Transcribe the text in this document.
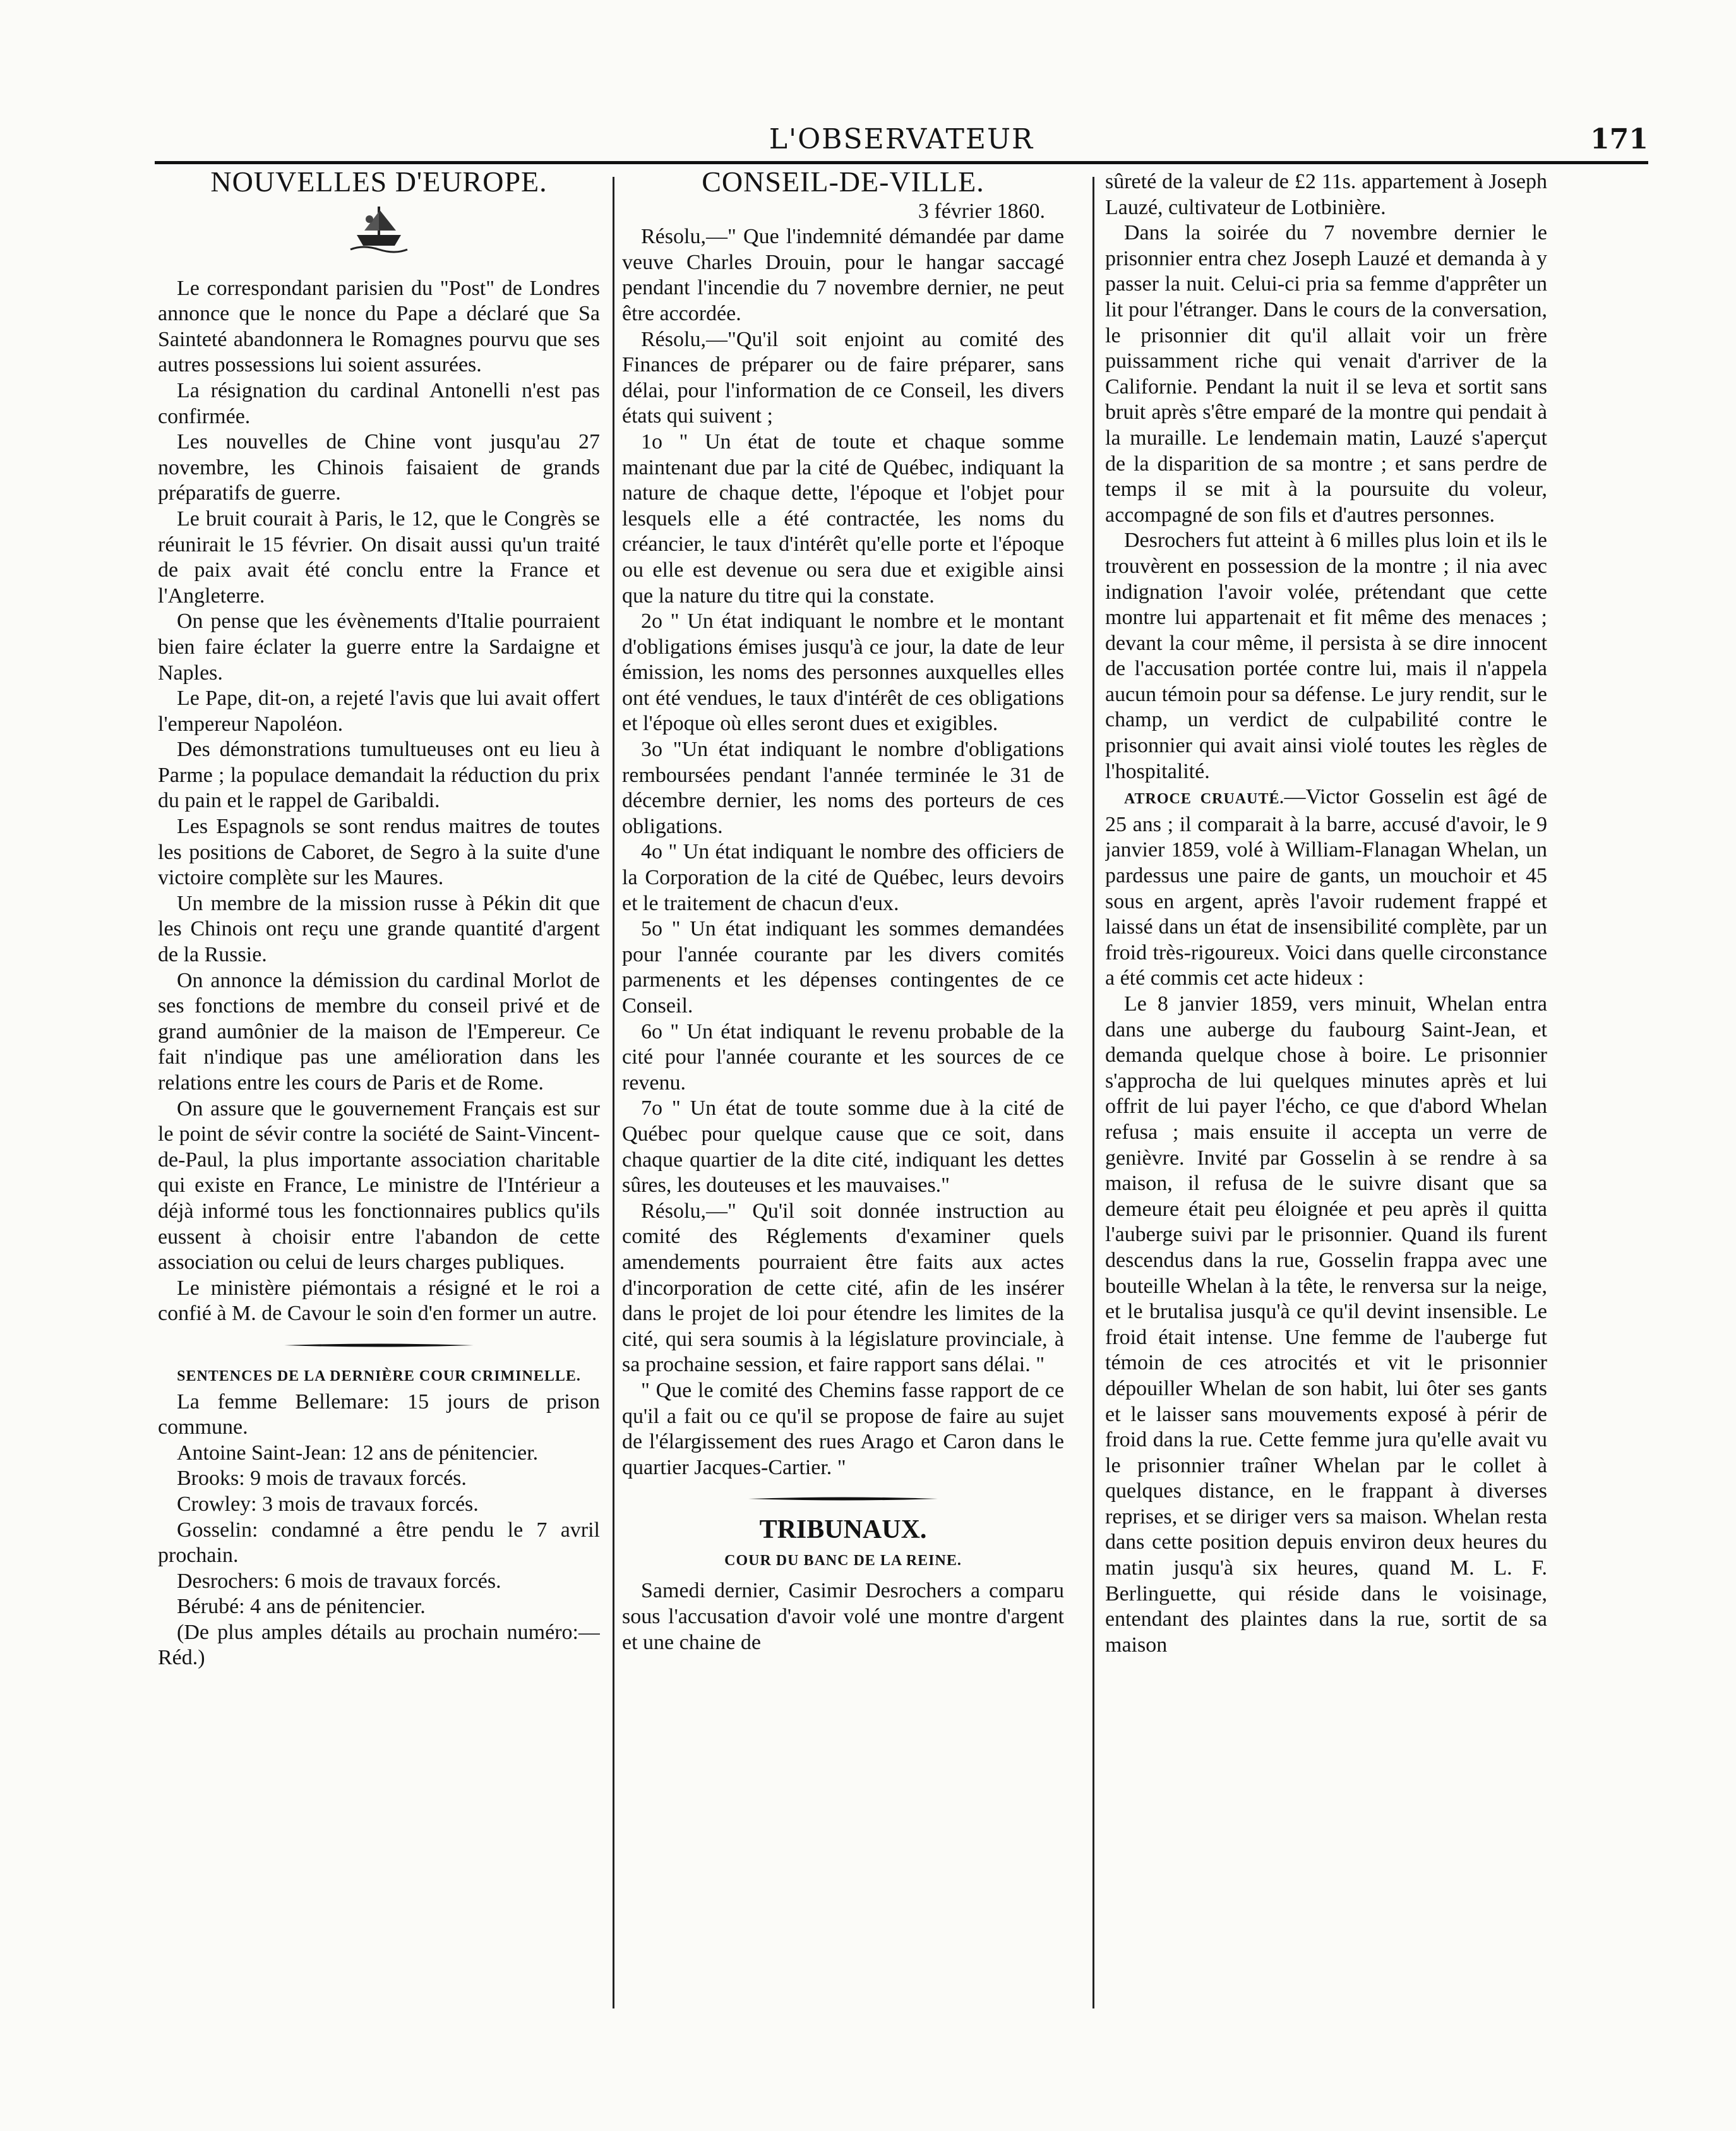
L'OBSERVATEUR	171
NOUVELLES D'EUROPE.

Le correspondant parisien du "Post" de Londres annonce que le nonce du Pape a déclaré que Sa Sainteté abandonnera le Romagnes pourvu que ses autres possessions lui soient assurées.

La résignation du cardinal Antonelli n'est pas confirmée.

Les nouvelles de Chine vont jusqu'au 27 novembre, les Chinois faisaient de grands préparatifs de guerre.

Le bruit courait à Paris, le 12, que le Congrès se réunirait le 15 février. On disait aussi qu'un traité de paix avait été conclu entre la France et l'Angleterre.

On pense que les évènements d'Italie pourraient bien faire éclater la guerre entre la Sardaigne et Naples.

Le Pape, dit-on, a rejeté l'avis que lui avait offert l'empereur Napoléon.

Des démonstrations tumultueuses ont eu lieu à Parme ; la populace demandait la réduction du prix du pain et le rappel de Garibaldi.

Les Espagnols se sont rendus maitres de toutes les positions de Caboret, de Segro à la suite d'une victoire complète sur les Maures.

Un membre de la mission russe à Pékin dit que les Chinois ont reçu une grande quantité d'argent de la Russie.

On annonce la démission du cardinal Morlot de ses fonctions de membre du conseil privé et de grand aumônier de la maison de l'Empereur. Ce fait n'indique pas une amélioration dans les relations entre les cours de Paris et de Rome.

On assure que le gouvernement Français est sur le point de sévir contre la société de Saint-Vincent-de-Paul, la plus importante association charitable qui existe en France, Le ministre de l'Intérieur a déjà informé tous les fonctionnaires publics qu'ils eussent à choisir entre l'abandon de cette association ou celui de leurs charges publiques.

Le ministère piémontais a résigné et le roi a confié à M. de Cavour le soin d'en former un autre.

SENTENCES DE LA DERNIÈRE COUR CRIMINELLE.

La femme Bellemare: 15 jours de prison commune.

Antoine Saint-Jean: 12 ans de pénitencier.

Brooks: 9 mois de travaux forcés.

Crowley: 3 mois de travaux forcés.

Gosselin: condamné a être pendu le 7 avril prochain.

Desrochers: 6 mois de travaux forcés.

Bérubé: 4 ans de pénitencier.

(De plus amples détails au prochain numéro:—Réd.)

CONSEIL-DE-VILLE.

3 février 1860.

Résolu,—" Que l'indemnité démandée par dame veuve Charles Drouin, pour le hangar saccagé pendant l'incendie du 7 novembre dernier, ne peut être accordée.

Résolu,—"Qu'il soit enjoint au comité des Finances de préparer ou de faire préparer, sans délai, pour l'information de ce Conseil, les divers états qui suivent ;

1o " Un état de toute et chaque somme maintenant due par la cité de Québec, indiquant la nature de chaque dette, l'époque et l'objet pour lesquels elle a été contractée, les noms du créancier, le taux d'intérêt qu'elle porte et l'époque ou elle est devenue ou sera due et exigible ainsi que la nature du titre qui la constate.

2o " Un état indiquant le nombre et le montant d'obligations émises jusqu'à ce jour, la date de leur émission, les noms des personnes auxquelles elles ont été vendues, le taux d'intérêt de ces obligations et l'époque où elles seront dues et exigibles.

3o "Un état indiquant le nombre d'obligations remboursées pendant l'année terminée le 31 de décembre dernier, les noms des porteurs de ces obligations.

4o " Un état indiquant le nombre des officiers de la Corporation de la cité de Québec, leurs devoirs et le traitement de chacun d'eux.

5o " Un état indiquant les sommes demandées pour l'année courante par les divers comités parmenents et les dépenses contingentes de ce Conseil.

6o " Un état indiquant le revenu probable de la cité pour l'année courante et les sources de ce revenu.

7o " Un état de toute somme due à la cité de Québec pour quelque cause que ce soit, dans chaque quartier de la dite cité, indiquant les dettes sûres, les douteuses et les mauvaises."

Résolu,—" Qu'il soit donnée instruction au comité des Réglements d'examiner quels amendements pourraient être faits aux actes d'incorporation de cette cité, afin de les insérer dans le projet de loi pour étendre les limites de la cité, qui sera soumis à la législature provinciale, à sa prochaine session, et faire rapport sans délai. "

" Que le comité des Chemins fasse rapport de ce qu'il a fait ou ce qu'il se propose de faire au sujet de l'élargissement des rues Arago et Caron dans le quartier Jacques-Cartier. "

TRIBUNAUX.
COUR DU BANC DE LA REINE.

Samedi dernier, Casimir Desrochers a comparu sous l'accusation d'avoir volé une montre d'argent et une chaine de

sûreté de la valeur de £2 11s. appartement à Joseph Lauzé, cultivateur de Lotbinière.

Dans la soirée du 7 novembre dernier le prisonnier entra chez Joseph Lauzé et demanda à y passer la nuit. Celui-ci pria sa femme d'apprêter un lit pour l'étranger. Dans le cours de la conversation, le prisonnier dit qu'il allait voir un frère puissamment riche qui venait d'arriver de la Californie. Pendant la nuit il se leva et sortit sans bruit après s'être emparé de la montre qui pendait à la muraille. Le lendemain matin, Lauzé s'aperçut de la disparition de sa montre ; et sans perdre de temps il se mit à la poursuite du voleur, accompagné de son fils et d'autres personnes.

Desrochers fut atteint à 6 milles plus loin et ils le trouvèrent en possession de la montre ; il nia avec indignation l'avoir volée, prétendant que cette montre lui appartenait et fit même des menaces ; devant la cour même, il persista à se dire innocent de l'accusation portée contre lui, mais il n'appela aucun témoin pour sa défense. Le jury rendit, sur le champ, un verdict de culpabilité contre le prisonnier qui avait ainsi violé toutes les règles de l'hospitalité.

ATROCE CRUAUTÉ.—Victor Gosselin est âgé de 25 ans ; il comparait à la barre, accusé d'avoir, le 9 janvier 1859, volé à William-Flanagan Whelan, un pardessus une paire de gants, un mouchoir et 45 sous en argent, après l'avoir rudement frappé et laissé dans un état de insensibilité complète, par un froid très-rigoureux. Voici dans quelle circonstance a été commis cet acte hideux :

Le 8 janvier 1859, vers minuit, Whelan entra dans une auberge du faubourg Saint-Jean, et demanda quelque chose à boire. Le prisonnier s'approcha de lui quelques minutes après et lui offrit de lui payer l'écho, ce que d'abord Whelan refusa ; mais ensuite il accepta un verre de genièvre. Invité par Gosselin à se rendre à sa maison, il refusa de le suivre disant que sa demeure était peu éloignée et peu après il quitta l'auberge suivi par le prisonnier. Quand ils furent descendus dans la rue, Gosselin frappa avec une bouteille Whelan à la tête, le renversa sur la neige, et le brutalisa jusqu'à ce qu'il devint insensible. Le froid était intense. Une femme de l'auberge fut témoin de ces atrocités et vit le prisonnier dépouiller Whelan de son habit, lui ôter ses gants et le laisser sans mouvements exposé à périr de froid dans la rue. Cette femme jura qu'elle avait vu le prisonnier traîner Whelan par le collet à quelques distance, en le frappant à diverses reprises, et se diriger vers sa maison. Whelan resta dans cette position depuis environ deux heures du matin jusqu'à six heures, quand M. L. F. Berlinguette, qui réside dans le voisinage, entendant des plaintes dans la rue, sortit de sa maison
